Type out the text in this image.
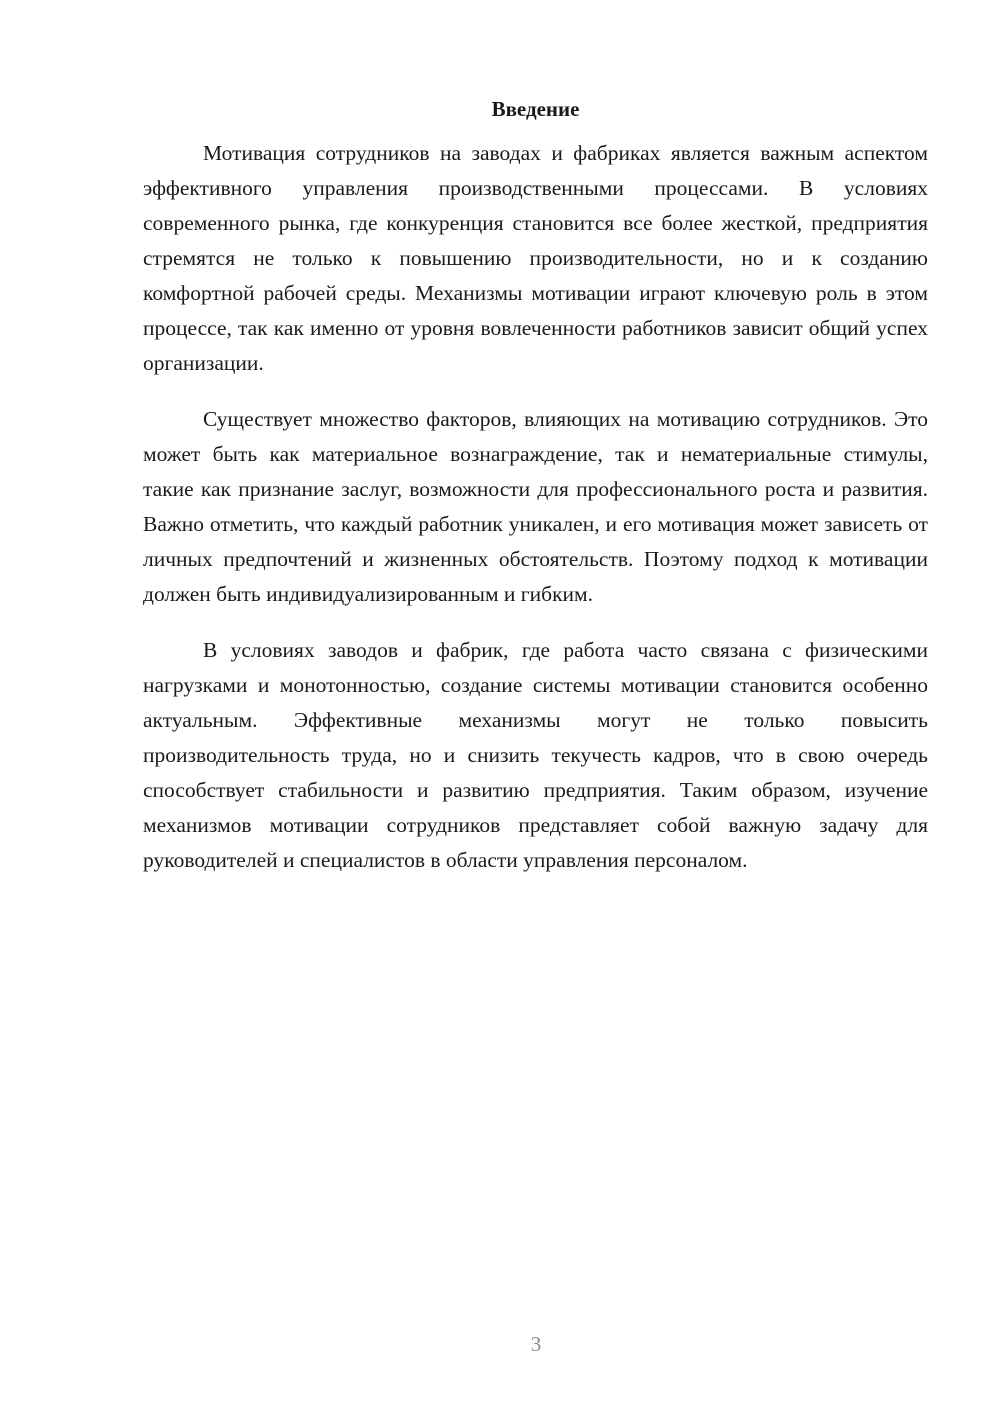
Введение

Мотивация сотрудников на заводах и фабриках является важным аспектом эффективного управления производственными процессами. В условиях современного рынка, где конкуренция становится все более жесткой, предприятия стремятся не только к повышению производительности, но и к созданию комфортной рабочей среды. Механизмы мотивации играют ключевую роль в этом процессе, так как именно от уровня вовлеченности работников зависит общий успех организации.

Существует множество факторов, влияющих на мотивацию сотрудников. Это может быть как материальное вознаграждение, так и нематериальные стимулы, такие как признание заслуг, возможности для профессионального роста и развития. Важно отметить, что каждый работник уникален, и его мотивация может зависеть от личных предпочтений и жизненных обстоятельств. Поэтому подход к мотивации должен быть индивидуализированным и гибким.

В условиях заводов и фабрик, где работа часто связана с физическими нагрузками и монотонностью, создание системы мотивации становится особенно актуальным. Эффективные механизмы могут не только повысить производительность труда, но и снизить текучесть кадров, что в свою очередь способствует стабильности и развитию предприятия. Таким образом, изучение механизмов мотивации сотрудников представляет собой важную задачу для руководителей и специалистов в области управления персоналом.

3
